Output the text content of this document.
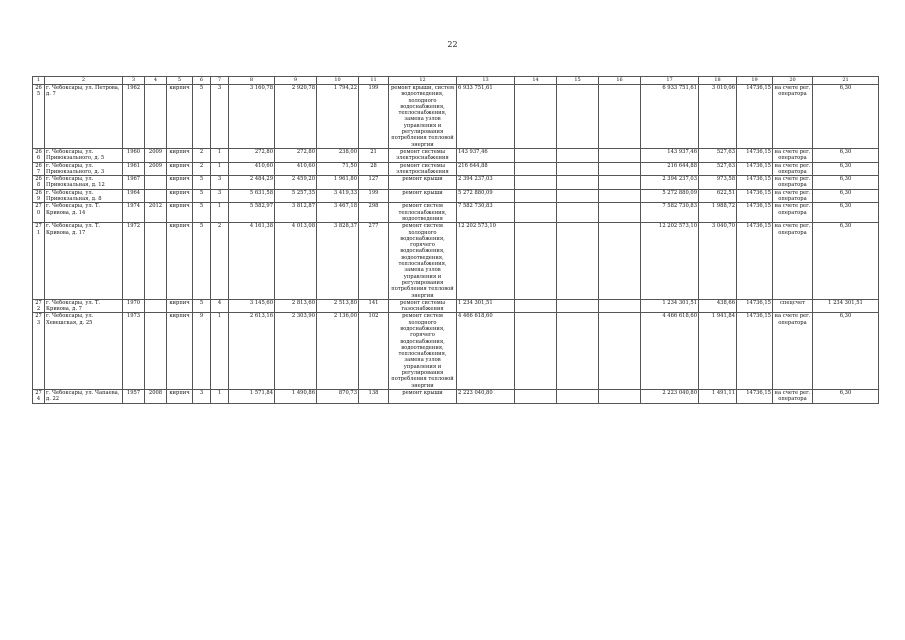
22
1	2	3	4	5	6	7	8	9	10	11	12	13	14	15	16	17	18	19	20	21
265	г. Чебоксары, ул. Петрова, д. 7	1962		кирпич	5	3	3 160,78	2 920,78	1 794,22	199	ремонт крыши, систем водоотведения, холодного водоснабжения, теплоснабжения, замена узлов управления и регулирования потребления тепловой энергии	6 933 751,61				6 933 751,61	3 010,06	14736,15	на счете рег. оператора	6,30
266	г. Чебоксары, ул. Привокзального, д. 5	1960	2009	кирпич	2	1	272,80	272,80	238,00	21	ремонт системы электроснабжения	143 937,46				143 937,46	527,63	14736,15	на счете рег. оператора	6,30
267	г. Чебоксары, ул. Привокзального, д. 3	1961	2009	кирпич	2	1	410,60	410,60	71,50	28	ремонт системы электроснабжения	216 644,88				216 644,88	527,63	14736,15	на счете рег. оператора	6,30
268	г. Чебоксары, ул. Привокзальная, д. 12	1967		кирпич	5	3	2 484,29	2 459,20	1 961,80	127	ремонт крыши	2 394 237,03				2 394 237,03	973,58	14736,15	на счете рег. оператора	6,30
269	г. Чебоксары, ул. Привокзальная, д. 8	1964		кирпич	5	3	5 631,58	5 257,35	3 419,33	199	ремонт крыши	5 272 880,09				5 272 880,09	622,51	14736,15	на счете рег. оператора	6,30
270	г. Чебоксары, ул. Т. Кривова, д. 14	1974	2012	кирпич	5	1	5 582,97	3 812,87	3 467,18	298	ремонт систем теплоснабжения, водоотведения	7 582 730,83				7 582 730,83	1 988,72	14736,15	на счете рег. оператора	6,30
271	г. Чебоксары, ул. Т. Кривова, д. 17	1972		кирпич	5	2	4 161,38	4 013,08	3 828,37	277	ремонт систем холодного водоснабжения, горячего водоснабжения, водоотведения, теплоснабжения, замена узлов управления и регулирования потребления тепловой энергии	12 202 573,10				12 202 573,10	3 040,70	14736,15	на счете рег. оператора	6,30
272	г. Чебоксары, ул. Т. Кривова, д. 7	1970		кирпич	5	4	3 145,60	2 813,60	2 513,80	141	ремонт системы газоснабжения	1 234 301,51				1 234 301,51	438,66	14736,15	спецсчет	1 234 301,51
273	г. Чебоксары, ул. Хевешская, д. 25	1973		кирпич	9	1	2 613,16	2 303,90	2 136,00	102	ремонт систем холодного водоснабжения, горячего водоснабжения, водоотведения, теплоснабжения, замена узлов управления и регулирования потребления тепловой энергии	4 466 618,60				4 466 618,60	1 941,84	14736,15	на счете рег. оператора	6,30
274	г. Чебоксары, ул. Чапаева, д. 22	1957	2008	кирпич	3	1	1 571,84	1 490,86	870,73	138	ремонт крыши	2 223 040,80				2 223 040,80	1 491,11	14736,15	на счете рег. оператора	6,30
